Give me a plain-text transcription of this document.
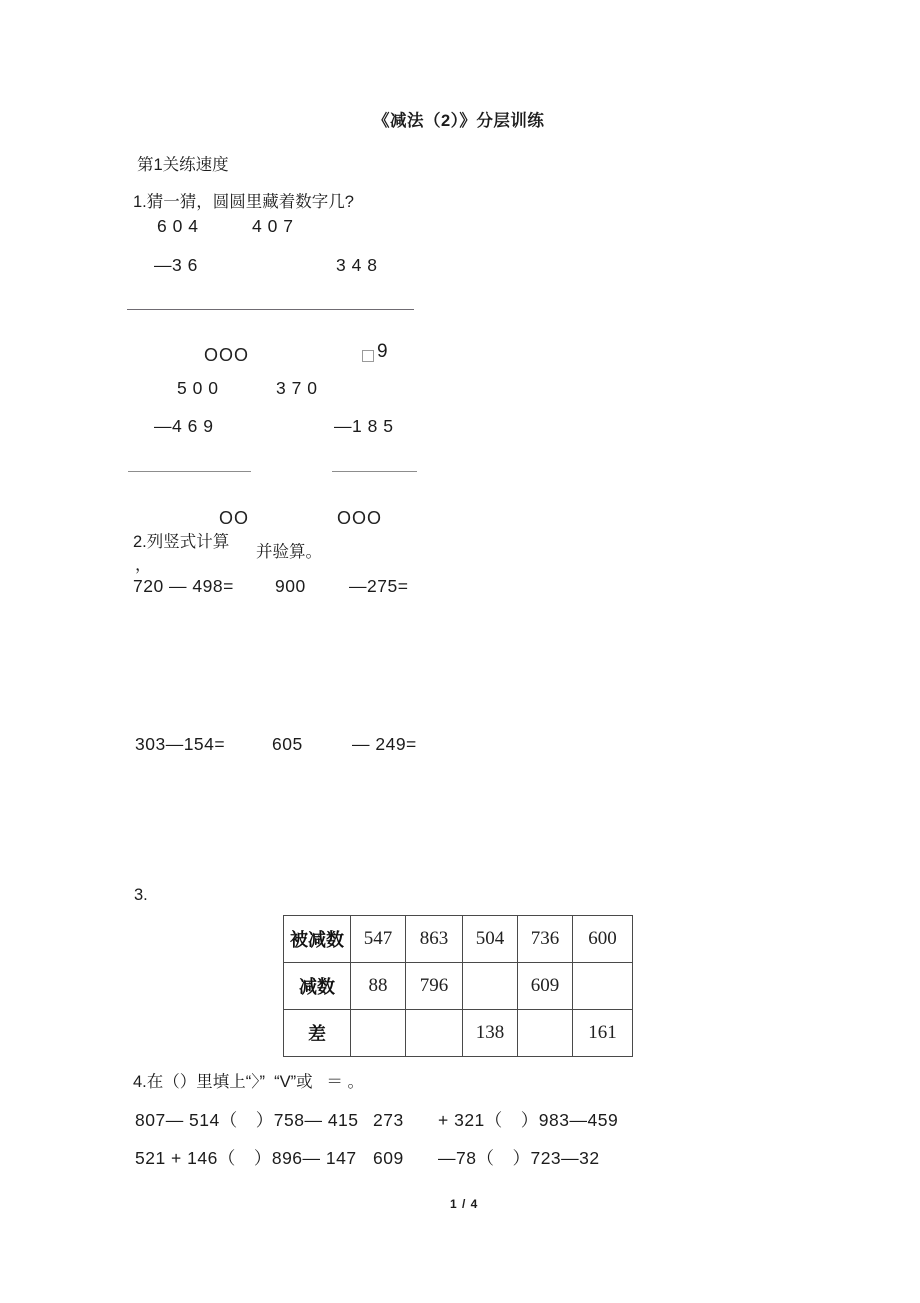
《减法（2）》分层训练
第1关练速度
1.猜一猜，圆圆里藏着数字几?
6 0 4	4 0 7
—3 6	3 4 8
OOO	9
5 0 0	3 7 0
—4 6 9	—1 8 5
OO	OOO
2.列竖式计算
并验算。
，
720 — 498= 900 —275=
303—154=	605	— 249=
3.
被减数	547	863	504	736	600
减数	88	796		609	
差			138		161
4.在（）里填上“〉”  “V”或   ＝ 。
807— 514（　）758— 415 273 + 321（　）983—459
521 + 146（　）896— 147 609 —78（　）723—32
1 / 4
